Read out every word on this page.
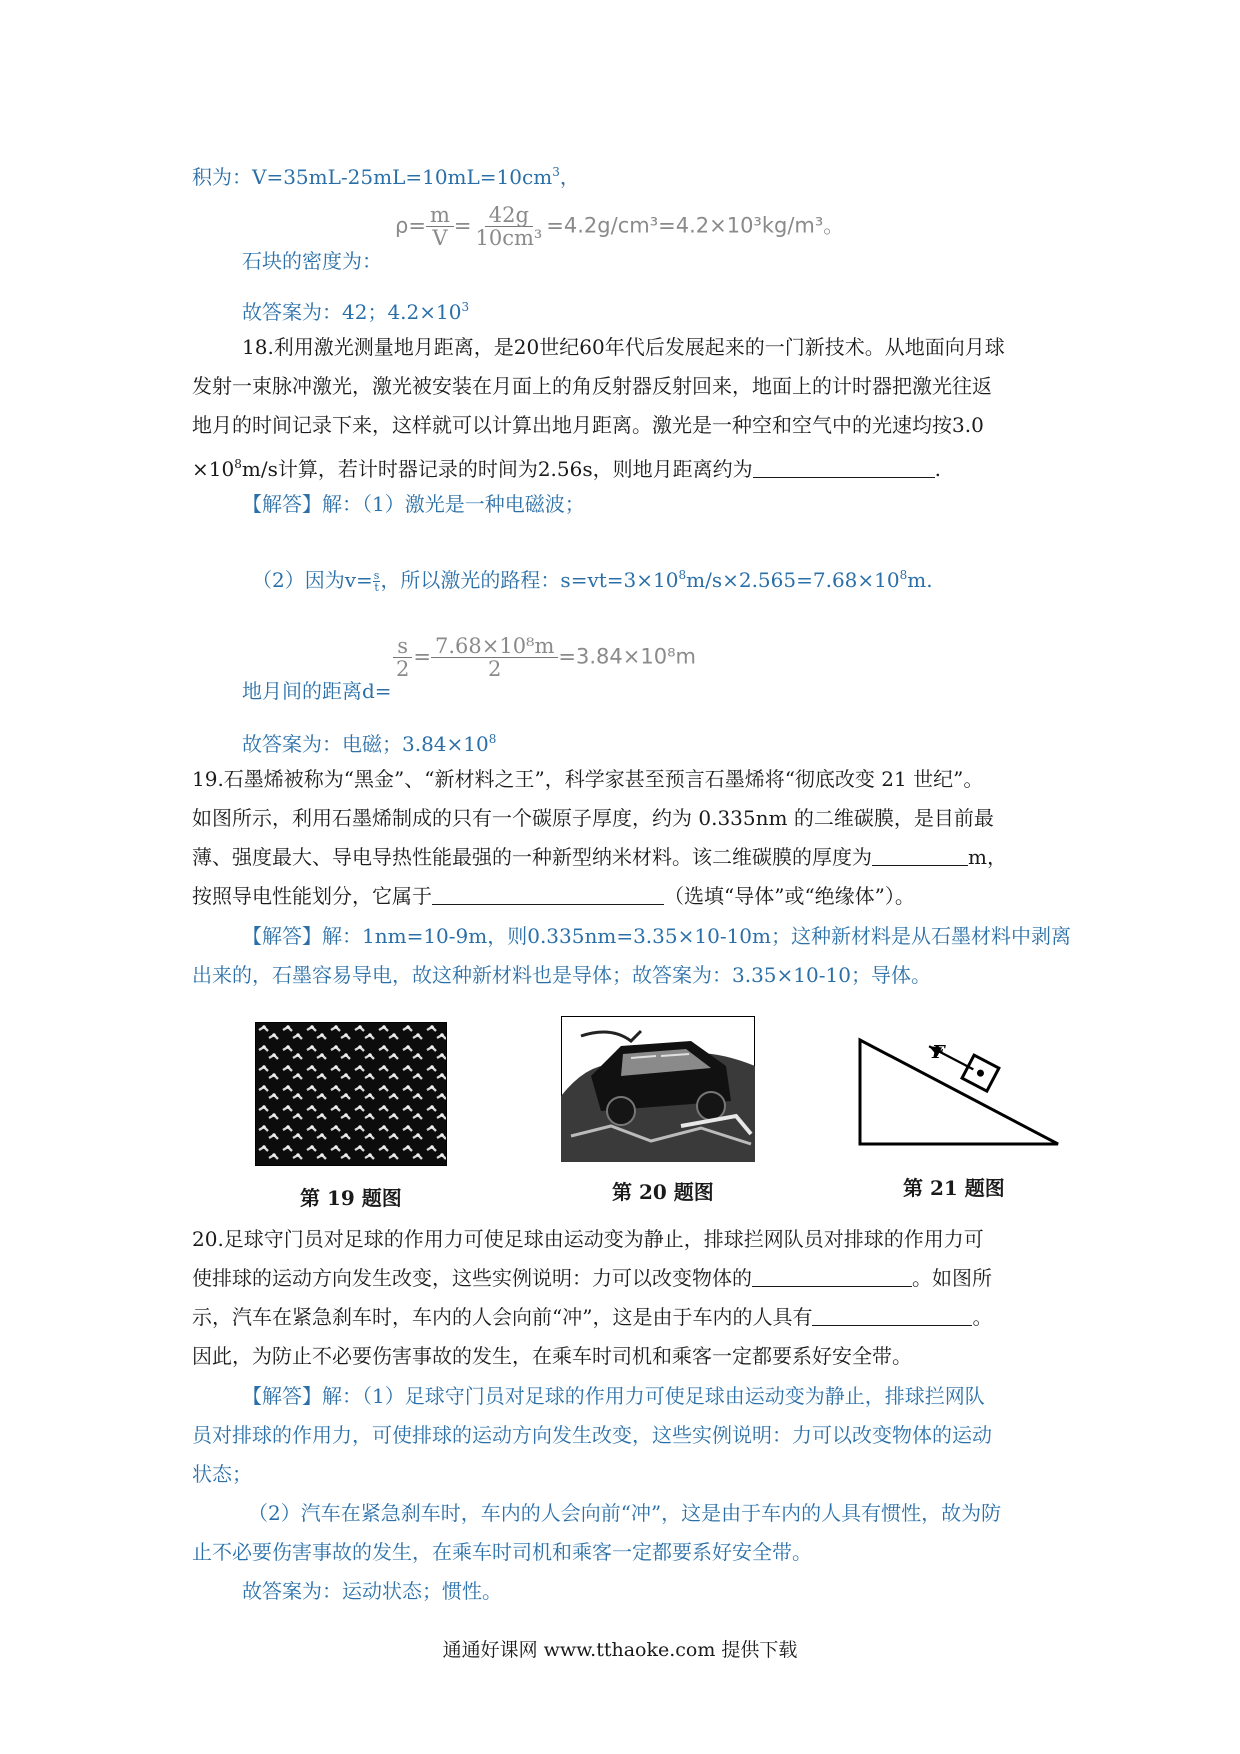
积为：$V=35mL-25mL=10mL=10cm^3$，
石块的密度为：
$\rho= \frac{m}{V} = \frac{42g}{\text{10cm³}} =4.2g/cm^3=4.2\times 10^3kg/m^3$。
故答案为：42；$4.2\times 10^3$
18.利用激光测量地月距离，是20世纪60年代后发展起来的一门新技术。从地面向月球
发射一束脉冲激光，激光被安装在月面上的角反射器反射回来，地面上的计时器把激光往返
地月的时间记录下来，这样就可以计算出地月距离。激光是一种空和空气中的光速均按3.0
$\times 10^8m/s$计算，若计时器记录的时间为2.56s，则地月距离约为	.
【解答】解：（1）激光是一种电磁波；
（2）因为$v= \frac{s}{t}$ ，所以激光的路程：$s=vt=3\times 10^8m/s\times 2.565=7.68\times 10^8m$.
地月间的距离d=
$\frac{s}{2} = \frac{\text{7.68×10⁸m}}{2} =3.84\times 10^8m$
故答案为：电磁；$3.84\times 10^8$
19.石墨烯被称为“黑金”、“新材料之王”，科学家甚至预言石墨烯将“彻底改变 21 世纪”。
如图所示，利用石墨烯制成的只有一个碳原子厚度，约为 0.335nm 的二维碳膜，是目前最
薄、强度最大、导电导热性能最强的一种新型纳米材料。该二维碳膜的厚度为	m，
按照导电性能划分，它属于	（选填“导体”或“绝缘体”）。
【解答】解：1nm=10-9m，则0.335nm=3.35×10-10m；这种新材料是从石墨材料中剥离
出来的，石墨容易导电，故这种新材料也是导体；故答案为：3.35×10-10；导体。
第 19 题图	第 20 题图
F
第 21 题图
20.足球守门员对足球的作用力可使足球由运动变为静止，排球拦网队员对排球的作用力可
使排球的运动方向发生改变，这些实例说明：力可以改变物体的	。如图所
示，汽车在紧急刹车时，车内的人会向前“冲”，这是由于车内的人具有	。
因此，为防止不必要伤害事故的发生，在乘车时司机和乘客一定都要系好安全带。
【解答】解：（1）足球守门员对足球的作用力可使足球由运动变为静止，排球拦网队
员对排球的作用力，可使排球的运动方向发生改变，这些实例说明：力可以改变物体的运动
状态；
（2）汽车在紧急刹车时，车内的人会向前“冲”，这是由于车内的人具有惯性，故为防
止不必要伤害事故的发生，在乘车时司机和乘客一定都要系好安全带。
故答案为：运动状态；惯性。
通通好课网 www.tthaoke.com 提供下载
